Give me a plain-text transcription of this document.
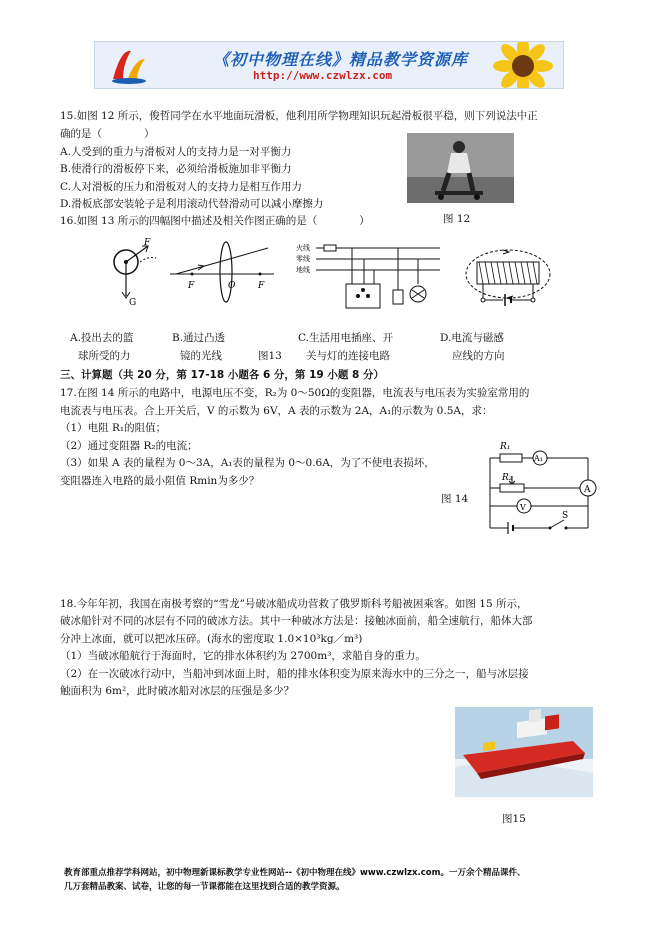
《初中物理在线》精品教学资源库
http://www.czwlzx.com
15.如图 12 所示，俊哲同学在水平地面玩滑板，他利用所学物理知识玩起滑板很平稳，则下列说法中正
确的是（　　　　）
A.人受到的重力与滑板对人的支持力是一对平衡力
B.使滑行的滑板停下来，必须给滑板施加非平衡力
C.人对滑板的压力和滑板对人的支持力是相互作用力
D.滑板底部安装轮子是利用滚动代替滑动可以减小摩擦力
图 12
16.如图 13 所示的四幅图中描述及相关作图正确的是（　　　　）
F
G
F	O	F
火线
零线
地线
A.投出去的篮
球所受的力
B.通过凸透
镜的光线	图13
C.生活用电插座、开
关与灯的连接电路
D.电流与磁感
应线的方向
三、计算题（共 20 分，第 17-18 小题各 6 分，第 19 小题 8 分）
17.在图 14 所示的电路中，电源电压不变，R₂为 0～50Ω的变阻器，电流表与电压表为实验室常用的
电流表与电压表。合上开关后，V 的示数为 6V，A 表的示数为 2A，A₁的示数为 0.5A，求：
（1）电阻 R₁的阻值；
（2）通过变阻器 R₂的电流；
（3）如果 A 表的量程为 0～3A，A₁表的量程为 0～0.6A，为了不使电表损坏，
变阻器连入电路的最小阻值 Rmin为多少？
图 14
R₁
A₁
R₂
A
V
S
18.今年年初，我国在南极考察的“雪龙”号破冰船成功营救了俄罗斯科考船被困乘客。如图 15 所示，
破冰船针对不同的冰层有不同的破冰方法。其中一种破冰方法是：接触冰面前，船全速航行，船体大部
分冲上冰面，就可以把冰压碎。(海水的密度取 1.0×10³kg／m³)
（1）当破冰船航行于海面时，它的排水体积约为 2700m³，求船自身的重力。
（2）在一次破冰行动中，当船冲到冰面上时，船的排水体积变为原来海水中的三分之一，船与冰层接
触面积为 6m²，此时破冰船对冰层的压强是多少？
图15
教育部重点推荐学科网站，初中物理新课标教学专业性网站--《初中物理在线》www.czwlzx.com。一万余个精品课件、
几万套精品教案、试卷，让您的每一节课都能在这里找到合适的教学资源。
